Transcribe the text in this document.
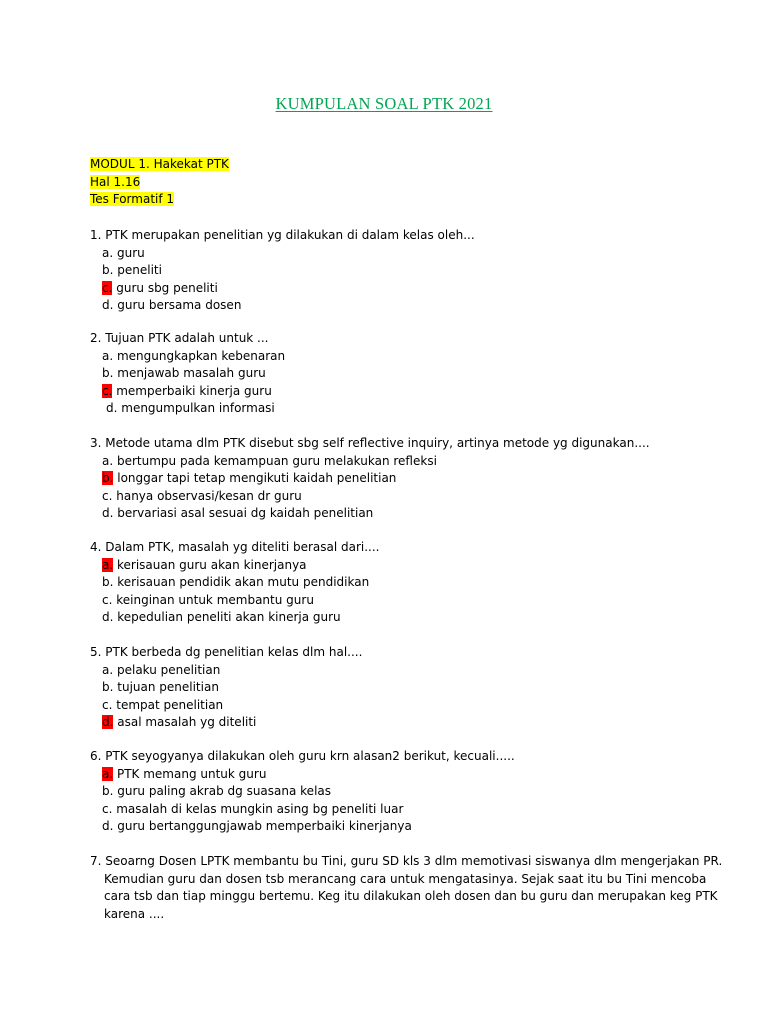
KUMPULAN SOAL PTK 2021
MODUL 1. Hakekat PTK
Hal 1.16
Tes Formatif 1
1. PTK merupakan penelitian yg dilakukan di dalam kelas oleh...
a. guru
b. peneliti
c. guru sbg peneliti
d. guru bersama dosen
2. Tujuan PTK adalah untuk ...
a. mengungkapkan kebenaran
b. menjawab masalah guru
c. memperbaiki kinerja guru
d. mengumpulkan informasi
3. Metode utama dlm PTK disebut sbg self reflective inquiry, artinya metode yg digunakan....
a. bertumpu pada kemampuan guru melakukan refleksi
b. longgar tapi tetap mengikuti kaidah penelitian
c. hanya observasi/kesan dr guru
d. bervariasi asal sesuai dg kaidah penelitian
4. Dalam PTK, masalah yg diteliti berasal dari....
a. kerisauan guru akan kinerjanya
b. kerisauan pendidik akan mutu pendidikan
c. keinginan untuk membantu guru
d. kepedulian peneliti akan kinerja guru
5. PTK berbeda dg penelitian kelas dlm hal....
a. pelaku penelitian
b. tujuan penelitian
c. tempat penelitian
d. asal masalah yg diteliti
6. PTK seyogyanya dilakukan oleh guru krn alasan2 berikut, kecuali.....
a. PTK memang untuk guru
b. guru paling akrab dg suasana kelas
c. masalah di kelas mungkin asing bg peneliti luar
d. guru bertanggungjawab memperbaiki kinerjanya
7. Seoarng Dosen LPTK membantu bu Tini, guru SD kls 3 dlm memotivasi siswanya dlm mengerjakan PR.
Kemudian guru dan dosen tsb merancang cara untuk mengatasinya. Sejak saat itu bu Tini mencoba
cara tsb dan tiap minggu bertemu. Keg itu dilakukan oleh dosen dan bu guru dan merupakan keg PTK
karena ....
